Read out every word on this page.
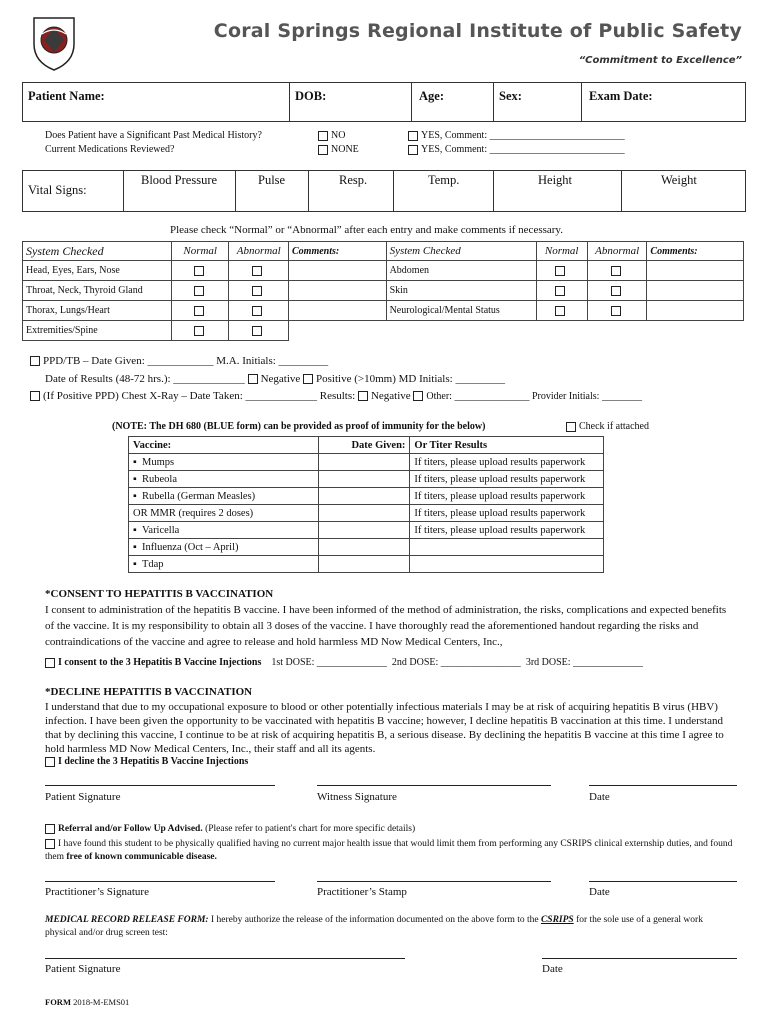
Coral Springs Regional Institute of Public Safety
“Commitment to Excellence”
Patient Name:	DOB:	Age:	Sex:	Exam Date:
Does Patient have a Significant Past Medical History?
Current Medications Reviewed?
NO
NONE
YES, Comment: ___________________________
YES, Comment: ___________________________
Vital Signs:
Blood Pressure	Pulse	Resp.	Temp.	Height	Weight
Please check “Normal” or “Abnormal” after each entry and make comments if necessary.
System Checked	Normal	Abnormal	Comments:	System Checked	Normal	Abnormal	Comments:
Head, Eyes, Ears, Nose				Abdomen			
Throat, Neck, Thyroid Gland				Skin			
Thorax, Lungs/Heart				Neurological/Mental Status			
Extremities/Spine							
PPD/TB – Date Given: ____________ M.A. Initials: _________
Date of Results (48-72 hrs.): _____________ Negative Positive (>10mm) MD Initials: _________
(If Positive PPD) Chest X-Ray – Date Taken: _____________ Results: Negative Other: _______________ Provider Initials: ________
(NOTE: The DH 680 (BLUE form) can be provided as proof of immunity for the below)	Check if attached
Vaccine:	Date Given:	Or Titer Results
▪ Mumps		If titers, please upload results paperwork
▪ Rubeola		If titers, please upload results paperwork
▪ Rubella (German Measles)		If titers, please upload results paperwork
OR MMR (requires 2 doses)		If titers, please upload results paperwork
▪ Varicella		If titers, please upload results paperwork
▪ Influenza (Oct – April)		
▪ Tdap		
*CONSENT TO HEPATITIS B VACCINATION
I consent to administration of the hepatitis B vaccine. I have been informed of the method of administration, the risks, complications and expected benefits of the vaccine. It is my responsibility to obtain all 3 doses of the vaccine. I have thoroughly read the aforementioned handout regarding the risks and contraindications of the vaccine and agree to release and hold harmless MD Now Medical Centers, Inc.,
I consent to the 3 Hepatitis B Vaccine Injections 1st DOSE: ______________ 2nd DOSE: ________________ 3rd DOSE: ______________
*DECLINE HEPATITIS B VACCINATION
I understand that due to my occupational exposure to blood or other potentially infectious materials I may be at risk of acquiring hepatitis B virus (HBV) infection. I have been given the opportunity to be vaccinated with hepatitis B vaccine; however, I decline hepatitis B vaccination at this time. I understand that by declining this vaccine, I continue to be at risk of acquiring hepatitis B, a serious disease. By declining the hepatitis B vaccine at this time I agree to hold harmless MD Now Medical Centers, Inc., their staff and all its agents.
I decline the 3 Hepatitis B Vaccine Injections
Patient Signature	Witness Signature	Date
Referral and/or Follow Up Advised. (Please refer to patient's chart for more specific details)
I have found this student to be physically qualified having no current major health issue that would limit them from performing any CSRIPS clinical externship duties, and found them free of known communicable disease.
Practitioner’s Signature	Practitioner’s Stamp	Date
MEDICAL RECORD RELEASE FORM: I hereby authorize the release of the information documented on the above form to the CSRIPS for the sole use of a general work physical and/or drug screen test:
Patient Signature	Date
FORM 2018-M-EMS01
